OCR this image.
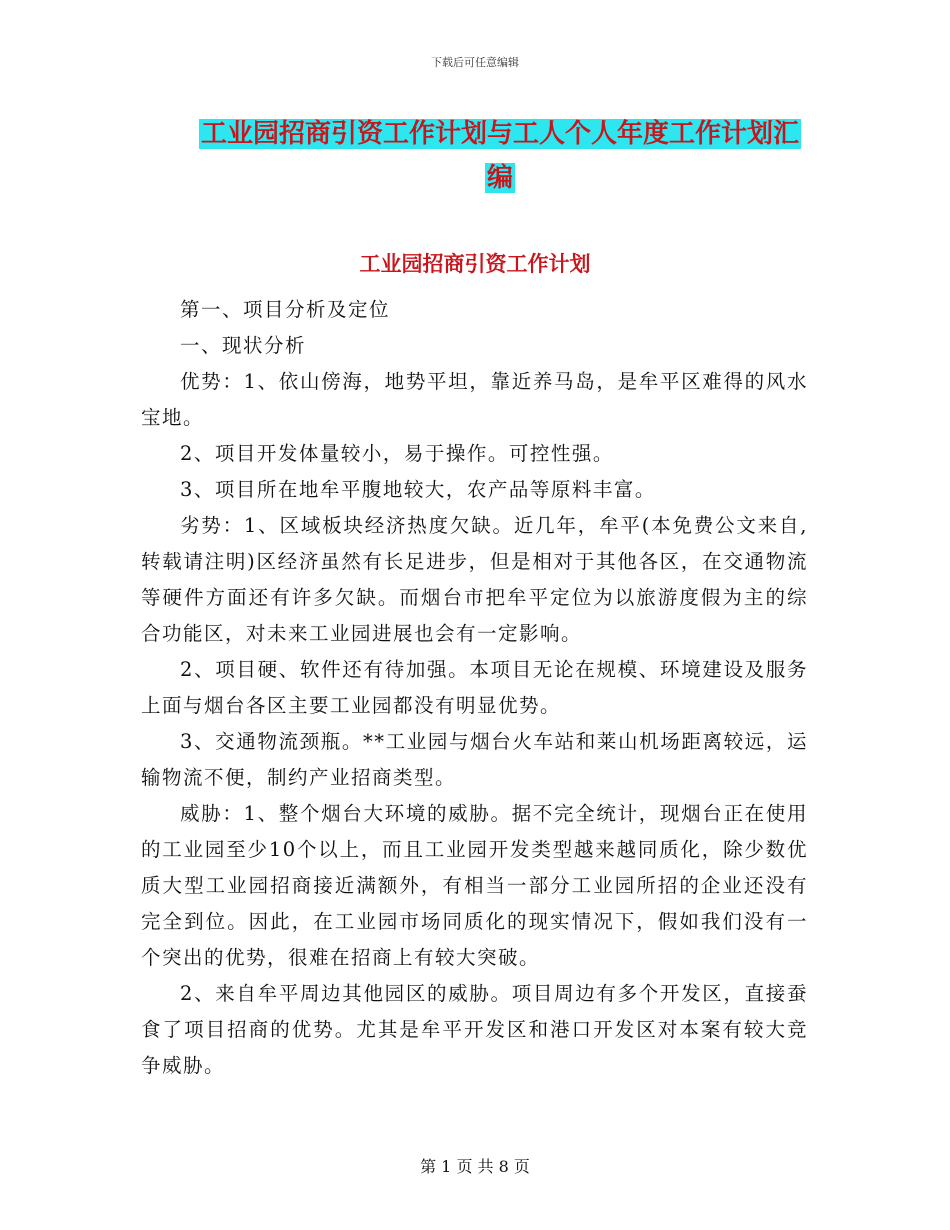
下载后可任意编辑
工业园招商引资工作计划与工人个人年度工作计划汇
编
工业园招商引资工作计划

第一、项目分析及定位

一、现状分析

优势：1、依山傍海，地势平坦，靠近养马岛，是牟平区难得的风水宝地。

2、项目开发体量较小，易于操作。可控性强。

3、项目所在地牟平腹地较大，农产品等原料丰富。

劣势：1、区域板块经济热度欠缺。近几年，牟平(本免费公文来自,转载请注明)区经济虽然有长足进步，但是相对于其他各区，在交通物流等硬件方面还有许多欠缺。而烟台市把牟平定位为以旅游度假为主的综合功能区，对未来工业园进展也会有一定影响。

2、项目硬、软件还有待加强。本项目无论在规模、环境建设及服务上面与烟台各区主要工业园都没有明显优势。

3、交通物流颈瓶。**工业园与烟台火车站和莱山机场距离较远，运输物流不便，制约产业招商类型。

威胁：1、整个烟台大环境的威胁。据不完全统计，现烟台正在使用的工业园至少10个以上，而且工业园开发类型越来越同质化，除少数优质大型工业园招商接近满额外，有相当一部分工业园所招的企业还没有完全到位。因此，在工业园市场同质化的现实情况下，假如我们没有一个突出的优势，很难在招商上有较大突破。

2、来自牟平周边其他园区的威胁。项目周边有多个开发区，直接蚕食了项目招商的优势。尤其是牟平开发区和港口开发区对本案有较大竞争威胁。

第 1 页 共 8 页
